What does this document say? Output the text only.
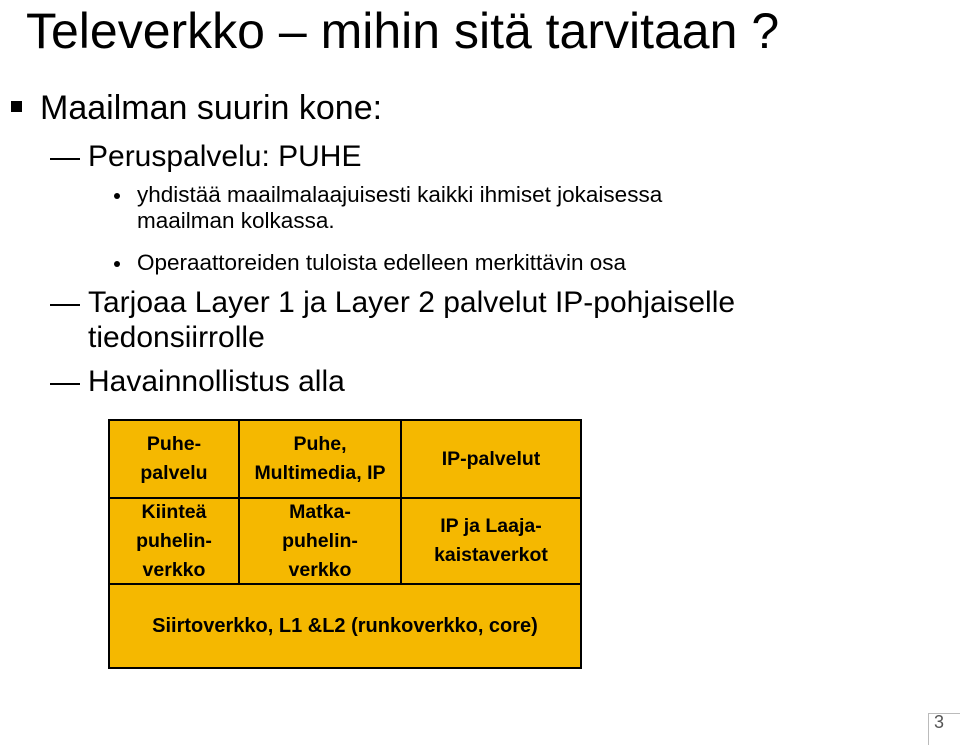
Televerkko – mihin sitä tarvitaan ?
Maailman suurin kone:
Peruspalvelu: PUHE
yhdistää maailmalaajuisesti kaikki ihmiset jokaisessa
maailman kolkassa.
Operaattoreiden tuloista edelleen merkittävin osa
Tarjoaa Layer 1 ja Layer 2 palvelut IP-pohjaiselle
tiedonsiirrolle
Havainnollistus alla
Puhe-
palvelu
Puhe,
Multimedia, IP
IP-palvelut
Kiinteä
puhelin-
verkko
Matka-
puhelin-
verkko
IP ja Laaja-
kaistaverkot
Siirtoverkko, L1 &L2 (runkoverkko, core)
3
